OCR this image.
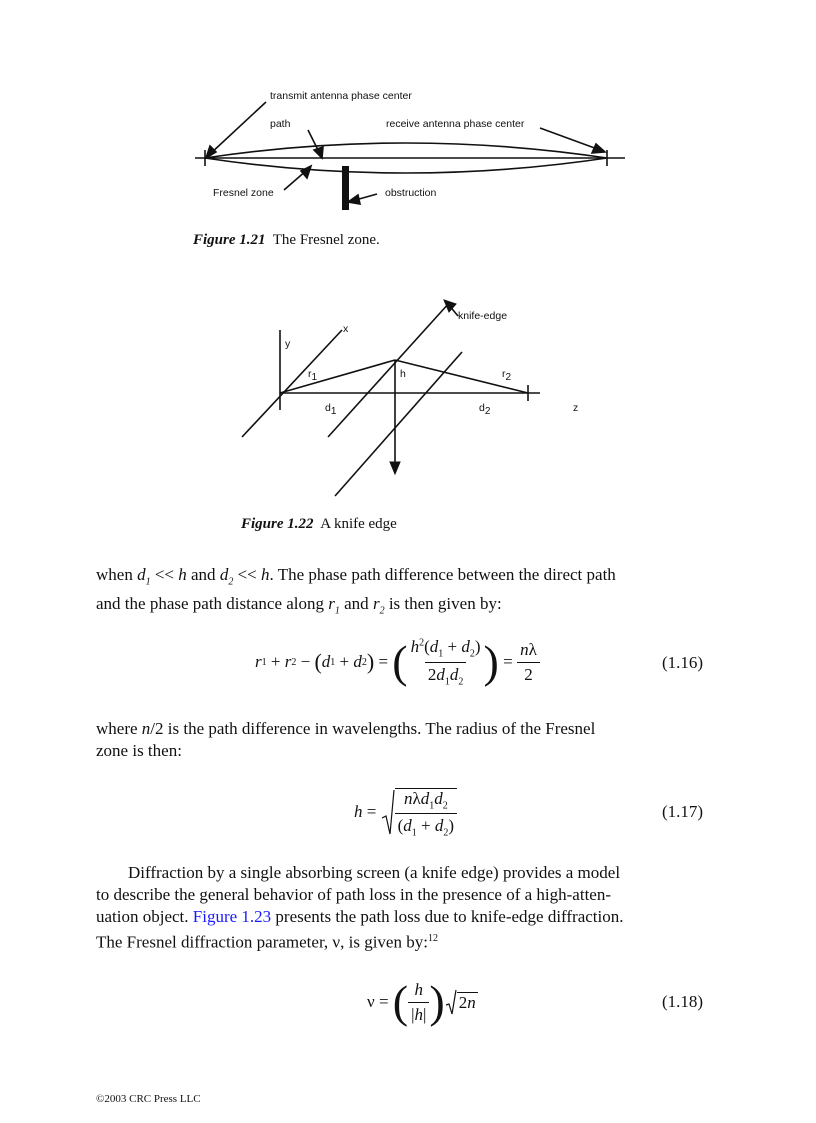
transmit antenna phase center
path	receive antenna phase center
Fresnel zone	obstruction
Figure 1.21 The Fresnel zone.
knife-edge
x
y
z
h
$r_1$	$r_2$
$d_1$	$d_2$
Figure 1.22 A knife edge
when $d_1 << h$ and $d_2 << h$. The phase path difference between the direct path
and the phase path distance along $r_1$ and $r_2$ is then given by:
r 1 + r 2 − ( d 1 + d 2 ) = ( $\frac{h^2(d_1 + d_2)}{2d_1d_2}$ ) = $\frac{n\lambda}{2}$	(1.16)
where n/2 is the path difference in wavelengths. The radius of the Fresnel
zone is then:
$h = \frac{n\lambda d_1d_2}{(d_1 + d_2)}$	(1.17)
Diffraction by a single absorbing screen (a knife edge) provides a model
to describe the general behavior of path loss in the presence of a high-atten-
uation object. Figure 1.23 presents the path loss due to knife-edge diffraction.
The Fresnel diffraction parameter, ν, is given by:$^{12}$
ν = ( $\frac{h}{|h|}$ ) 2n	(1.18)
©2003 CRC Press LLC
